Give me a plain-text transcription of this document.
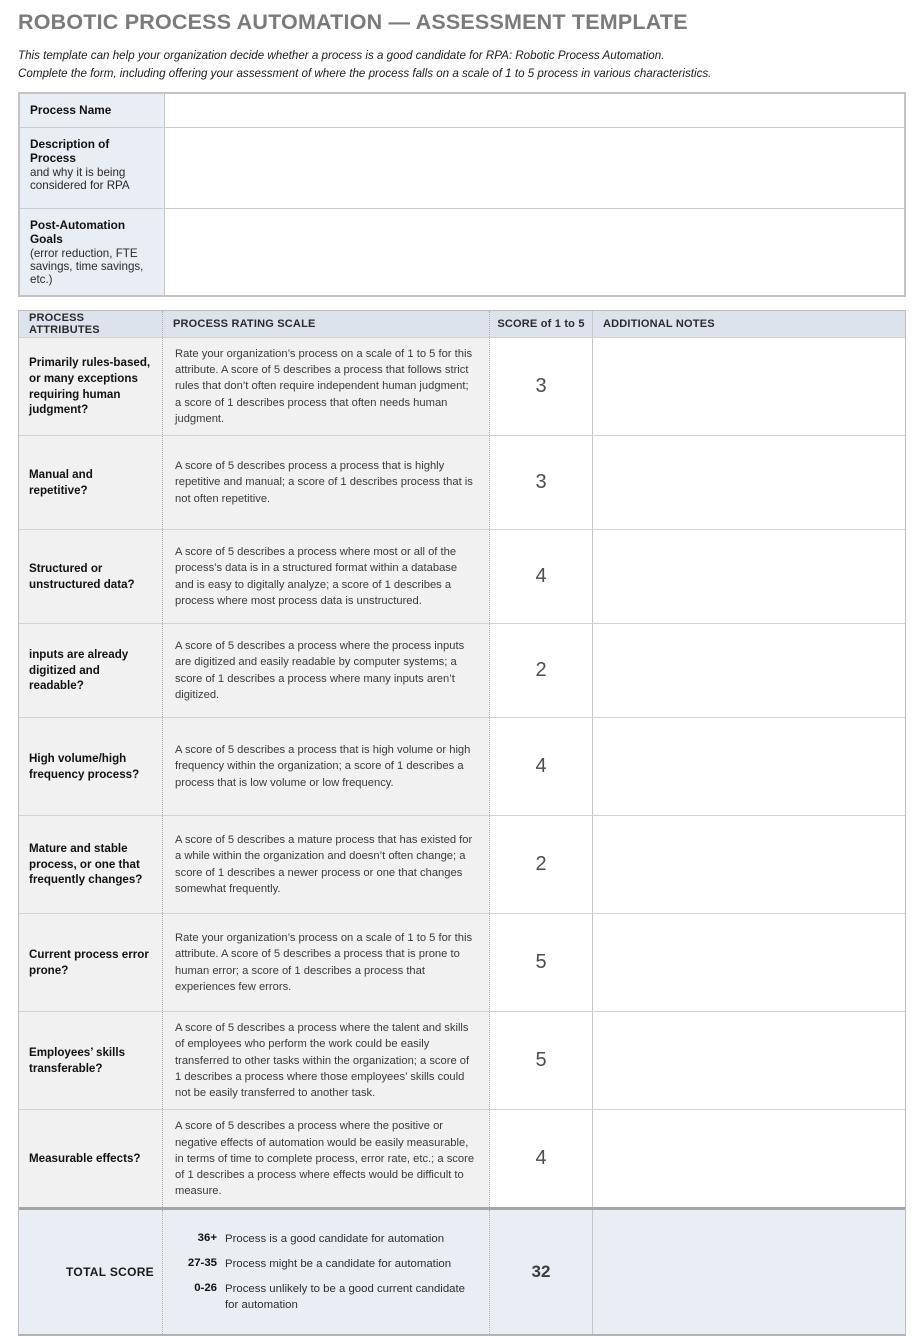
ROBOTIC PROCESS AUTOMATION — ASSESSMENT TEMPLATE
This template can help your organization decide whether a process is a good candidate for RPA: Robotic Process Automation.
Complete the form, including offering your assessment of where the process falls on a scale of 1 to 5 process in various characteristics.
Process Name
Description of Process
and why it is being considered for RPA
Post-Automation Goals
(error reduction, FTE savings, time savings, etc.)
PROCESS ATTRIBUTES	PROCESS RATING SCALE	SCORE of 1 to 5	ADDITIONAL NOTES
Primarily rules-based, or many exceptions requiring human judgment?
Rate your organization’s process on a scale of 1 to 5 for this attribute. A score of 5 describes a process that follows strict rules that don’t often require independent human judgment; a score of 1 describes process that often needs human judgment.
3
Manual and repetitive?
A score of 5 describes process a process that is highly repetitive and manual; a score of 1 describes process that is not often repetitive.
3
Structured or unstructured data?
A score of 5 describes a process where most or all of the process’s data is in a structured format within a database and is easy to digitally analyze; a score of 1 describes a process where most process data is unstructured.
4
inputs are already digitized and readable?
A score of 5 describes a process where the process inputs are digitized and easily readable by computer systems; a score of 1 describes a process where many inputs aren’t digitized.
2
High volume/high frequency process?
A score of 5 describes a process that is high volume or high frequency within the organization; a score of 1 describes a process that is low volume or low frequency.
4
Mature and stable process, or one that frequently changes?
A score of 5 describes a mature process that has existed for a while within the organization and doesn’t often change; a score of 1 describes a newer process or one that changes somewhat frequently.
2
Current process error prone?
Rate your organization’s process on a scale of 1 to 5 for this attribute. A score of 5 describes a process that is prone to human error; a score of 1 describes a process that experiences few errors.
5
Employees’ skills transferable?
A score of 5 describes a process where the talent and skills of employees who perform the work could be easily transferred to other tasks within the organization; a score of 1 describes a process where those employees’ skills could not be easily transferred to another task.
5
Measurable effects?
A score of 5 describes a process where the positive or negative effects of automation would be easily measurable, in terms of time to complete process, error rate, etc.; a score of 1 describes a process where effects would be difficult to measure.
4
TOTAL SCORE
36+ Process is a good candidate for automation
27-35 Process might be a candidate for automation
0-26 Process unlikely to be a good current candidate for automation
32
